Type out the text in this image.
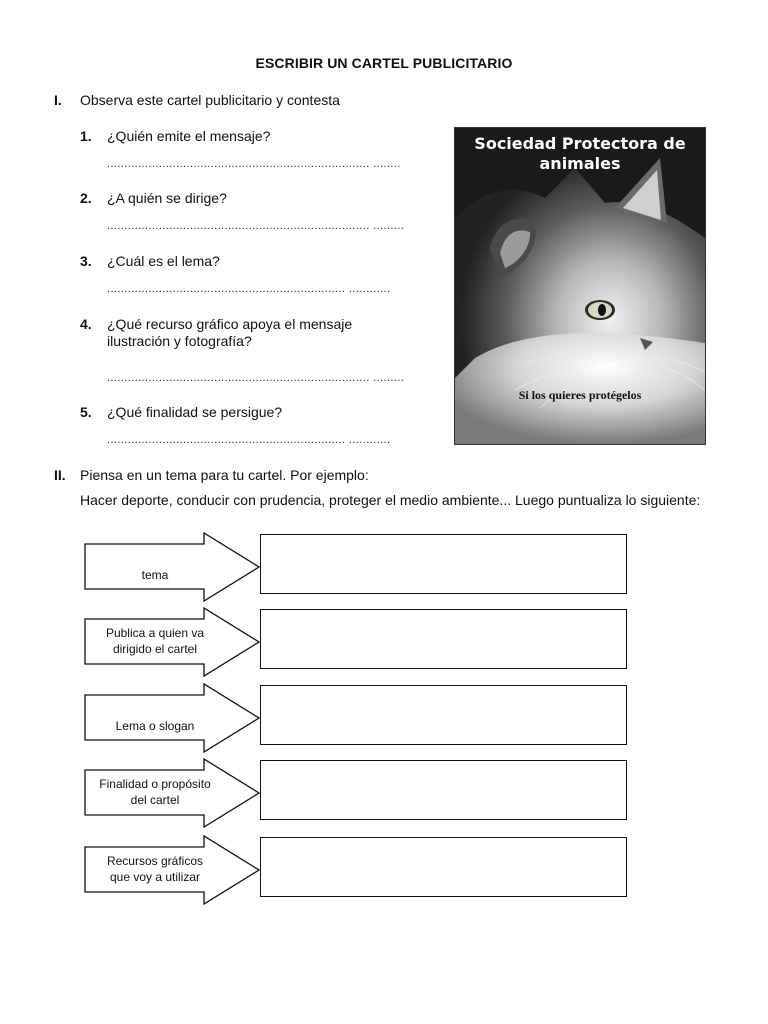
ESCRIBIR UN CARTEL PUBLICITARIO
I. Observa este cartel publicitario y contesta
1. ¿Quién emite el mensaje?
............................................................................ ........
2. ¿A quién se dirige?
............................................................................ .........
3. ¿Cuál es el lema?
..................................................................... ............
4. ¿Qué recurso gráfico apoya el mensaje ilustración y fotografía?
............................................................................ .........
5. ¿Qué finalidad se persigue?
..................................................................... ............
Sociedad Protectora de animales
Si los quieres protégelos
II. Piensa en un tema para tu cartel. Por ejemplo:
Hacer deporte, conducir con prudencia, proteger el medio ambiente... Luego puntualiza lo siguiente:
tema
Publica a quien va
dirigido el cartel
Lema o slogan
Finalidad o propósito
del cartel
Recursos gráficos
que voy a utilizar
